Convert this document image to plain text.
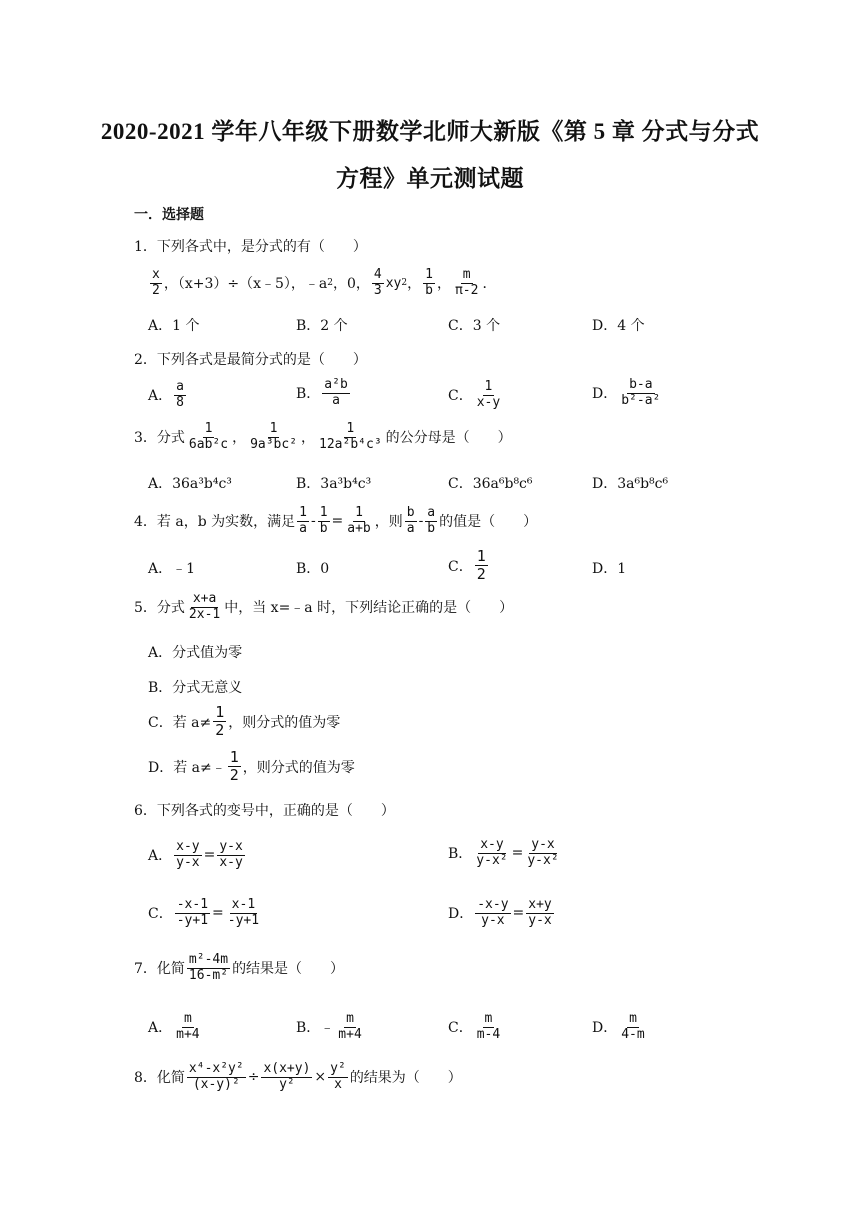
2020-2021 学年八年级下册数学北师大新版《第 5 章 分式与分式
方程》单元测试题
一．选择题
1．下列各式中，是分式的有（　　）
$\frac{x}{2}$ ，（x+3）÷（x﹣5），﹣a 2 ，0， $\frac{4}{3}$ xy 2 ， $\frac{1}{b}$ ， $\frac{m}{\pi-2}$ ．
A．1 个	B．2 个	C．3 个	D．4 个
2．下列各式是最简分式的是（　　）
A． $\frac{a}{8}$	B． $\frac{\text{a²b}}{a}$	C． $\frac{1}{x-y}$	D． $\frac{b-a}{\text{b²-a²}}$
3．分式 $\frac{1}{\text{6ab²c}}$ ， $\frac{1}{\text{9a³bc²}}$ ， $\frac{1}{\text{12a²b⁴c³}}$ 的公分母是（　　）
A．36a³b⁴c³	B．3a³b⁴c³	C．36a⁶b⁸c⁶	D．3a⁶b⁸c⁶
4．若 a，b 为实数，满足 $\frac{1}{a} - \frac{1}{b} = \frac{1}{a+b}$ ，则 $\frac{b}{a} - \frac{a}{b}$ 的值是（　　）
A．﹣1	B．0	C． $\frac{1}{2}$	D．1
5．分式 $\frac{x+a}{2x-1}$ 中，当 x=﹣a 时，下列结论正确的是（　　）
A．分式值为零
B．分式无意义
C．若 $a\ne \frac{1}{2}$ ，则分式的值为零
D．若 a≠﹣ $\frac{1}{2}$ ，则分式的值为零
6．下列各式的变号中，正确的是（　　）
A． $\frac{x-y}{y-x} = \frac{y-x}{x-y}$	B． $\frac{x-y}{\text{y-x²}} = \frac{y-x}{\text{y-x²}}$
C． $\frac{-x-1}{-y+1} = \frac{x-1}{-y+1}$	D． $\frac{-x-y}{y-x} = \frac{x+y}{y-x}$
7．化简 $\frac{\text{m²-4m}}{\text{16-m²}}$ 的结果是（　　）
A． $\frac{m}{m+4}$	B．﹣ $\frac{m}{m+4}$	C． $\frac{m}{m-4}$	D． $\frac{m}{4-m}$
8．化简 $\frac{\text{x⁴-x²y²}}{\text{(x-y)²}} \div \frac{x(x+y)}{\text{y²}} \times \frac{\text{y²}}{x}$ 的结果为（　　）
